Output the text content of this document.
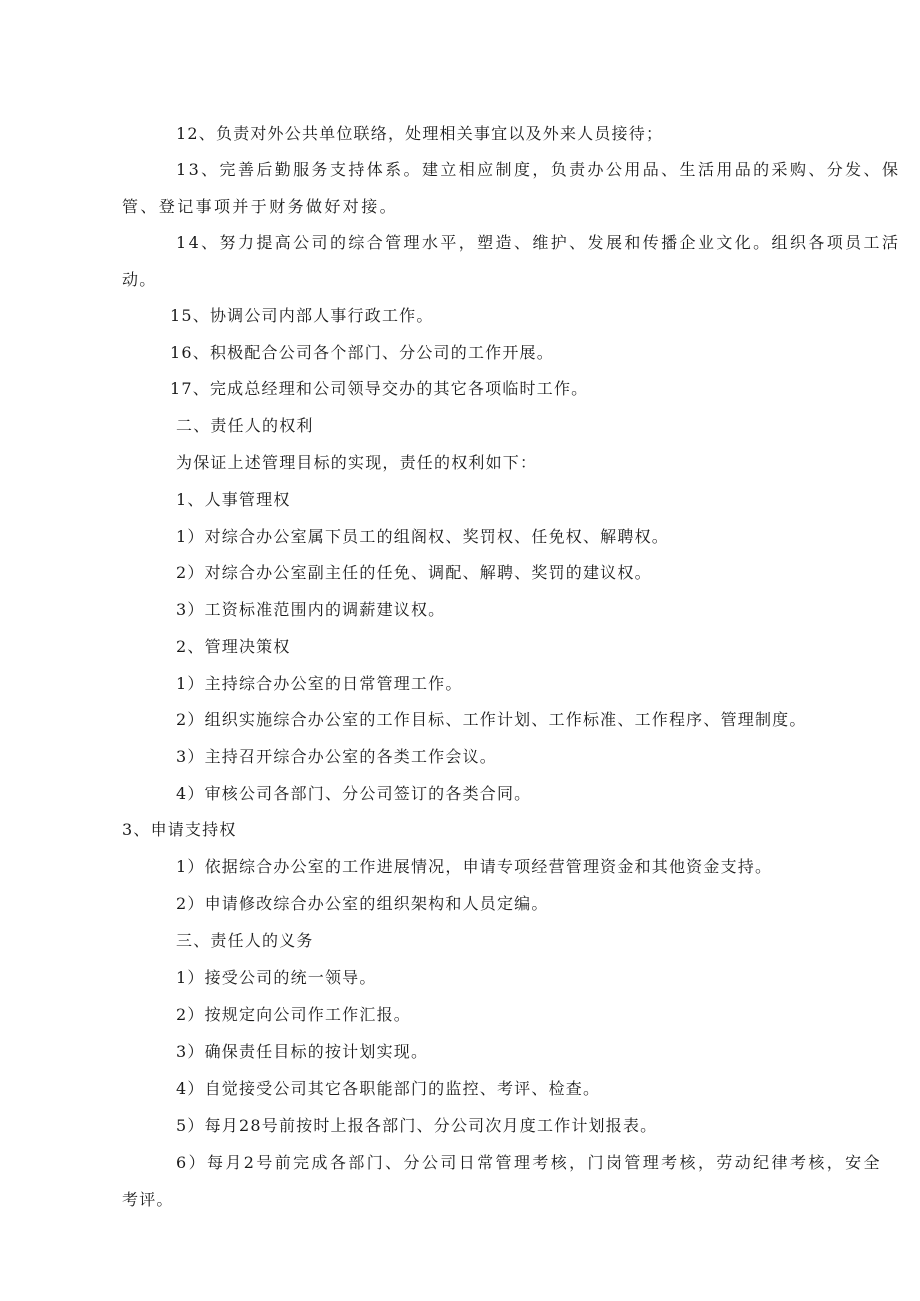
12、负责对外公共单位联络，处理相关事宜以及外来人员接待；
13、完善后勤服务支持体系。建立相应制度，负责办公用品、生活用品的采购、分发、保
管、登记事项并于财务做好对接。
14、努力提高公司的综合管理水平，塑造、维护、发展和传播企业文化。组织各项员工活
动。
15、协调公司内部人事行政工作。
16、积极配合公司各个部门、分公司的工作开展。
17、完成总经理和公司领导交办的其它各项临时工作。
二、责任人的权利
为保证上述管理目标的实现，责任的权利如下：
1、人事管理权
1）对综合办公室属下员工的组阁权、奖罚权、任免权、解聘权。
2）对综合办公室副主任的任免、调配、解聘、奖罚的建议权。
3）工资标准范围内的调薪建议权。
2、管理决策权
1）主持综合办公室的日常管理工作。
2）组织实施综合办公室的工作目标、工作计划、工作标准、工作程序、管理制度。
3）主持召开综合办公室的各类工作会议。
4）审核公司各部门、分公司签订的各类合同。
3、申请支持权
1）依据综合办公室的工作进展情况，申请专项经营管理资金和其他资金支持。
2）申请修改综合办公室的组织架构和人员定编。
三、责任人的义务
1）接受公司的统一领导。
2）按规定向公司作工作汇报。
3）确保责任目标的按计划实现。
4）自觉接受公司其它各职能部门的监控、考评、检查。
5）每月28号前按时上报各部门、分公司次月度工作计划报表。
6）每月2号前完成各部门、分公司日常管理考核，门岗管理考核，劳动纪律考核，安全
考评。
